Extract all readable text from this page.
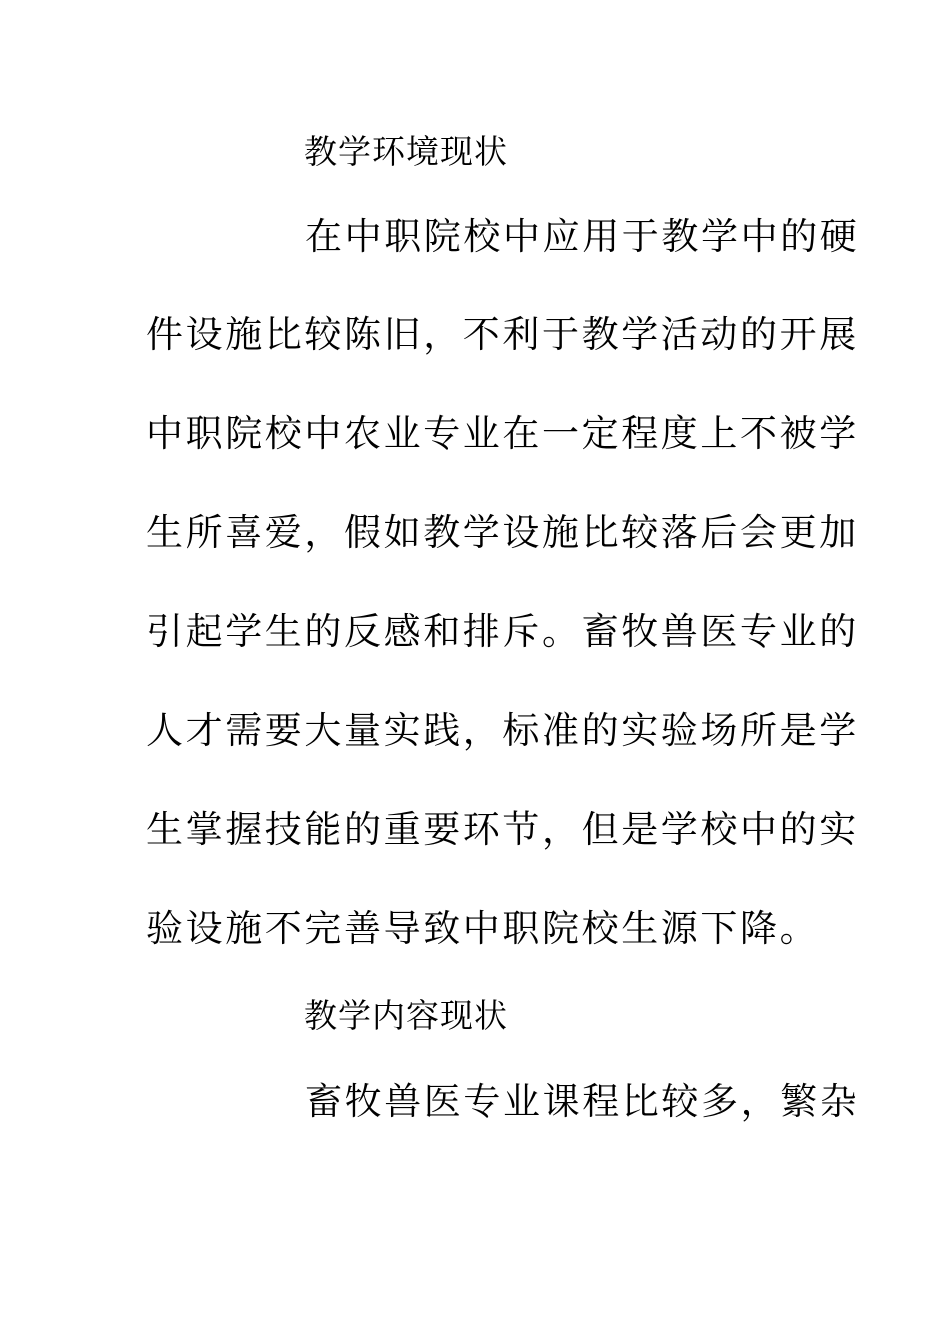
教学环境现状
在中职院校中应用于教学中的硬
件设施比较陈旧，不利于教学活动的开展
中职院校中农业专业在一定程度上不被学
生所喜爱，假如教学设施比较落后会更加
引起学生的反感和排斥。畜牧兽医专业的
人才需要大量实践，标准的实验场所是学
生掌握技能的重要环节，但是学校中的实
验设施不完善导致中职院校生源下降。
教学内容现状
畜牧兽医专业课程比较多，繁杂
